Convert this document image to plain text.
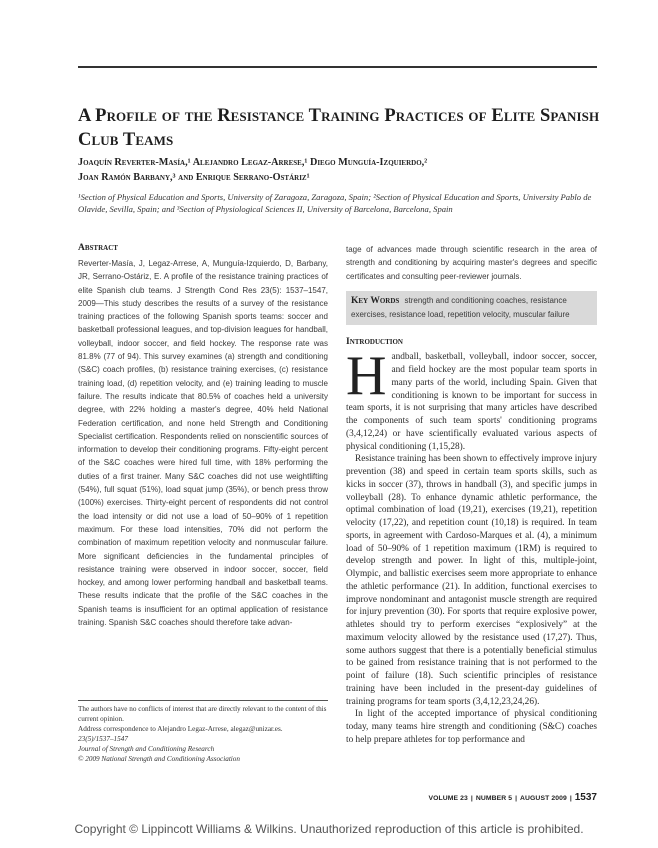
A Profile of the Resistance Training Practices of Elite Spanish Club Teams
Joaquín Reverter-Masía,¹ Alejandro Legaz-Arrese,¹ Diego Munguía-Izquierdo,²
Joan Ramón Barbany,³ and Enrique Serrano-Ostáriz¹
¹Section of Physical Education and Sports, University of Zaragoza, Zaragoza, Spain; ²Section of Physical Education and Sports, University Pablo de Olavide, Sevilla, Spain; and ³Section of Physiological Sciences II, University of Barcelona, Barcelona, Spain
Abstract
Reverter-Masía, J, Legaz-Arrese, A, Munguía-Izquierdo, D, Barbany, JR, Serrano-Ostáriz, E. A profile of the resistance training practices of elite Spanish club teams. J Strength Cond Res 23(5): 1537–1547, 2009—This study describes the results of a survey of the resistance training practices of the following Spanish sports teams: soccer and basketball professional leagues, and top-division leagues for handball, volleyball, indoor soccer, and field hockey. The response rate was 81.8% (77 of 94). This survey examines (a) strength and conditioning (S&C) coach profiles, (b) resistance training exercises, (c) resistance training load, (d) repetition velocity, and (e) training leading to muscle failure. The results indicate that 80.5% of coaches held a university degree, with 22% holding a master's degree, 40% held National Federation certification, and none held Strength and Conditioning Specialist certification. Respondents relied on nonscientific sources of information to develop their conditioning programs. Fifty-eight percent of the S&C coaches were hired full time, with 18% performing the duties of a first trainer. Many S&C coaches did not use weightlifting (54%), full squat (51%), load squat jump (35%), or bench press throw (100%) exercises. Thirty-eight percent of respondents did not control the load intensity or did not use a load of 50–90% of 1 repetition maximum. For these load intensities, 70% did not perform the combination of maximum repetition velocity and nonmuscular failure. More significant deficiencies in the fundamental principles of resistance training were observed in indoor soccer, soccer, field hockey, and among lower performing handball and basketball teams. These results indicate that the profile of the S&C coaches in the Spanish teams is insufficient for an optimal application of resistance training. Spanish S&C coaches should therefore take advan-
tage of advances made through scientific research in the area of strength and conditioning by acquiring master's degrees and specific certificates and consulting peer-reviewer journals.
Key Words strength and conditioning coaches, resistance exercises, resistance load, repetition velocity, muscular failure
Introduction

Handball, basketball, volleyball, indoor soccer, soccer, and field hockey are the most popular team sports in many parts of the world, including Spain. Given that conditioning is known to be important for success in team sports, it is not surprising that many articles have described the components of such team sports' conditioning programs (3,4,12,24) or have scientifically evaluated various aspects of physical conditioning (1,15,28).

Resistance training has been shown to effectively improve injury prevention (38) and speed in certain team sports skills, such as kicks in soccer (37), throws in handball (3), and specific jumps in volleyball (28). To enhance dynamic athletic performance, the optimal combination of load (19,21), exercises (19,21), repetition velocity (17,22), and repetition count (10,18) is required. In team sports, in agreement with Cardoso-Marques et al. (4), a minimum load of 50–90% of 1 repetition maximum (1RM) is required to develop strength and power. In light of this, multiple-joint, Olympic, and ballistic exercises seem more appropriate to enhance the athletic performance (21). In addition, functional exercises to improve nondominant and antagonist muscle strength are required for injury prevention (30). For sports that require explosive power, athletes should try to perform exercises “explosively” at the maximum velocity allowed by the resistance used (17,27). Thus, some authors suggest that there is a potentially beneficial stimulus to be gained from resistance training that is not performed to the point of failure (18). Such scientific principles of resistance training have been included in the present-day guidelines of training programs for team sports (3,4,12,23,24,26).

In light of the accepted importance of physical conditioning today, many teams hire strength and conditioning (S&C) coaches to help prepare athletes for top performance and

The authors have no conflicts of interest that are directly relevant to the content of this current opinion.

Address correspondence to Alejandro Legaz-Arrese, alegaz@unizar.es.

23(5)/1537–1547

Journal of Strength and Conditioning Research

© 2009 National Strength and Conditioning Association

VOLUME 23 | NUMBER 5 | AUGUST 2009 | 1537
Copyright © Lippincott Williams & Wilkins. Unauthorized reproduction of this article is prohibited.
